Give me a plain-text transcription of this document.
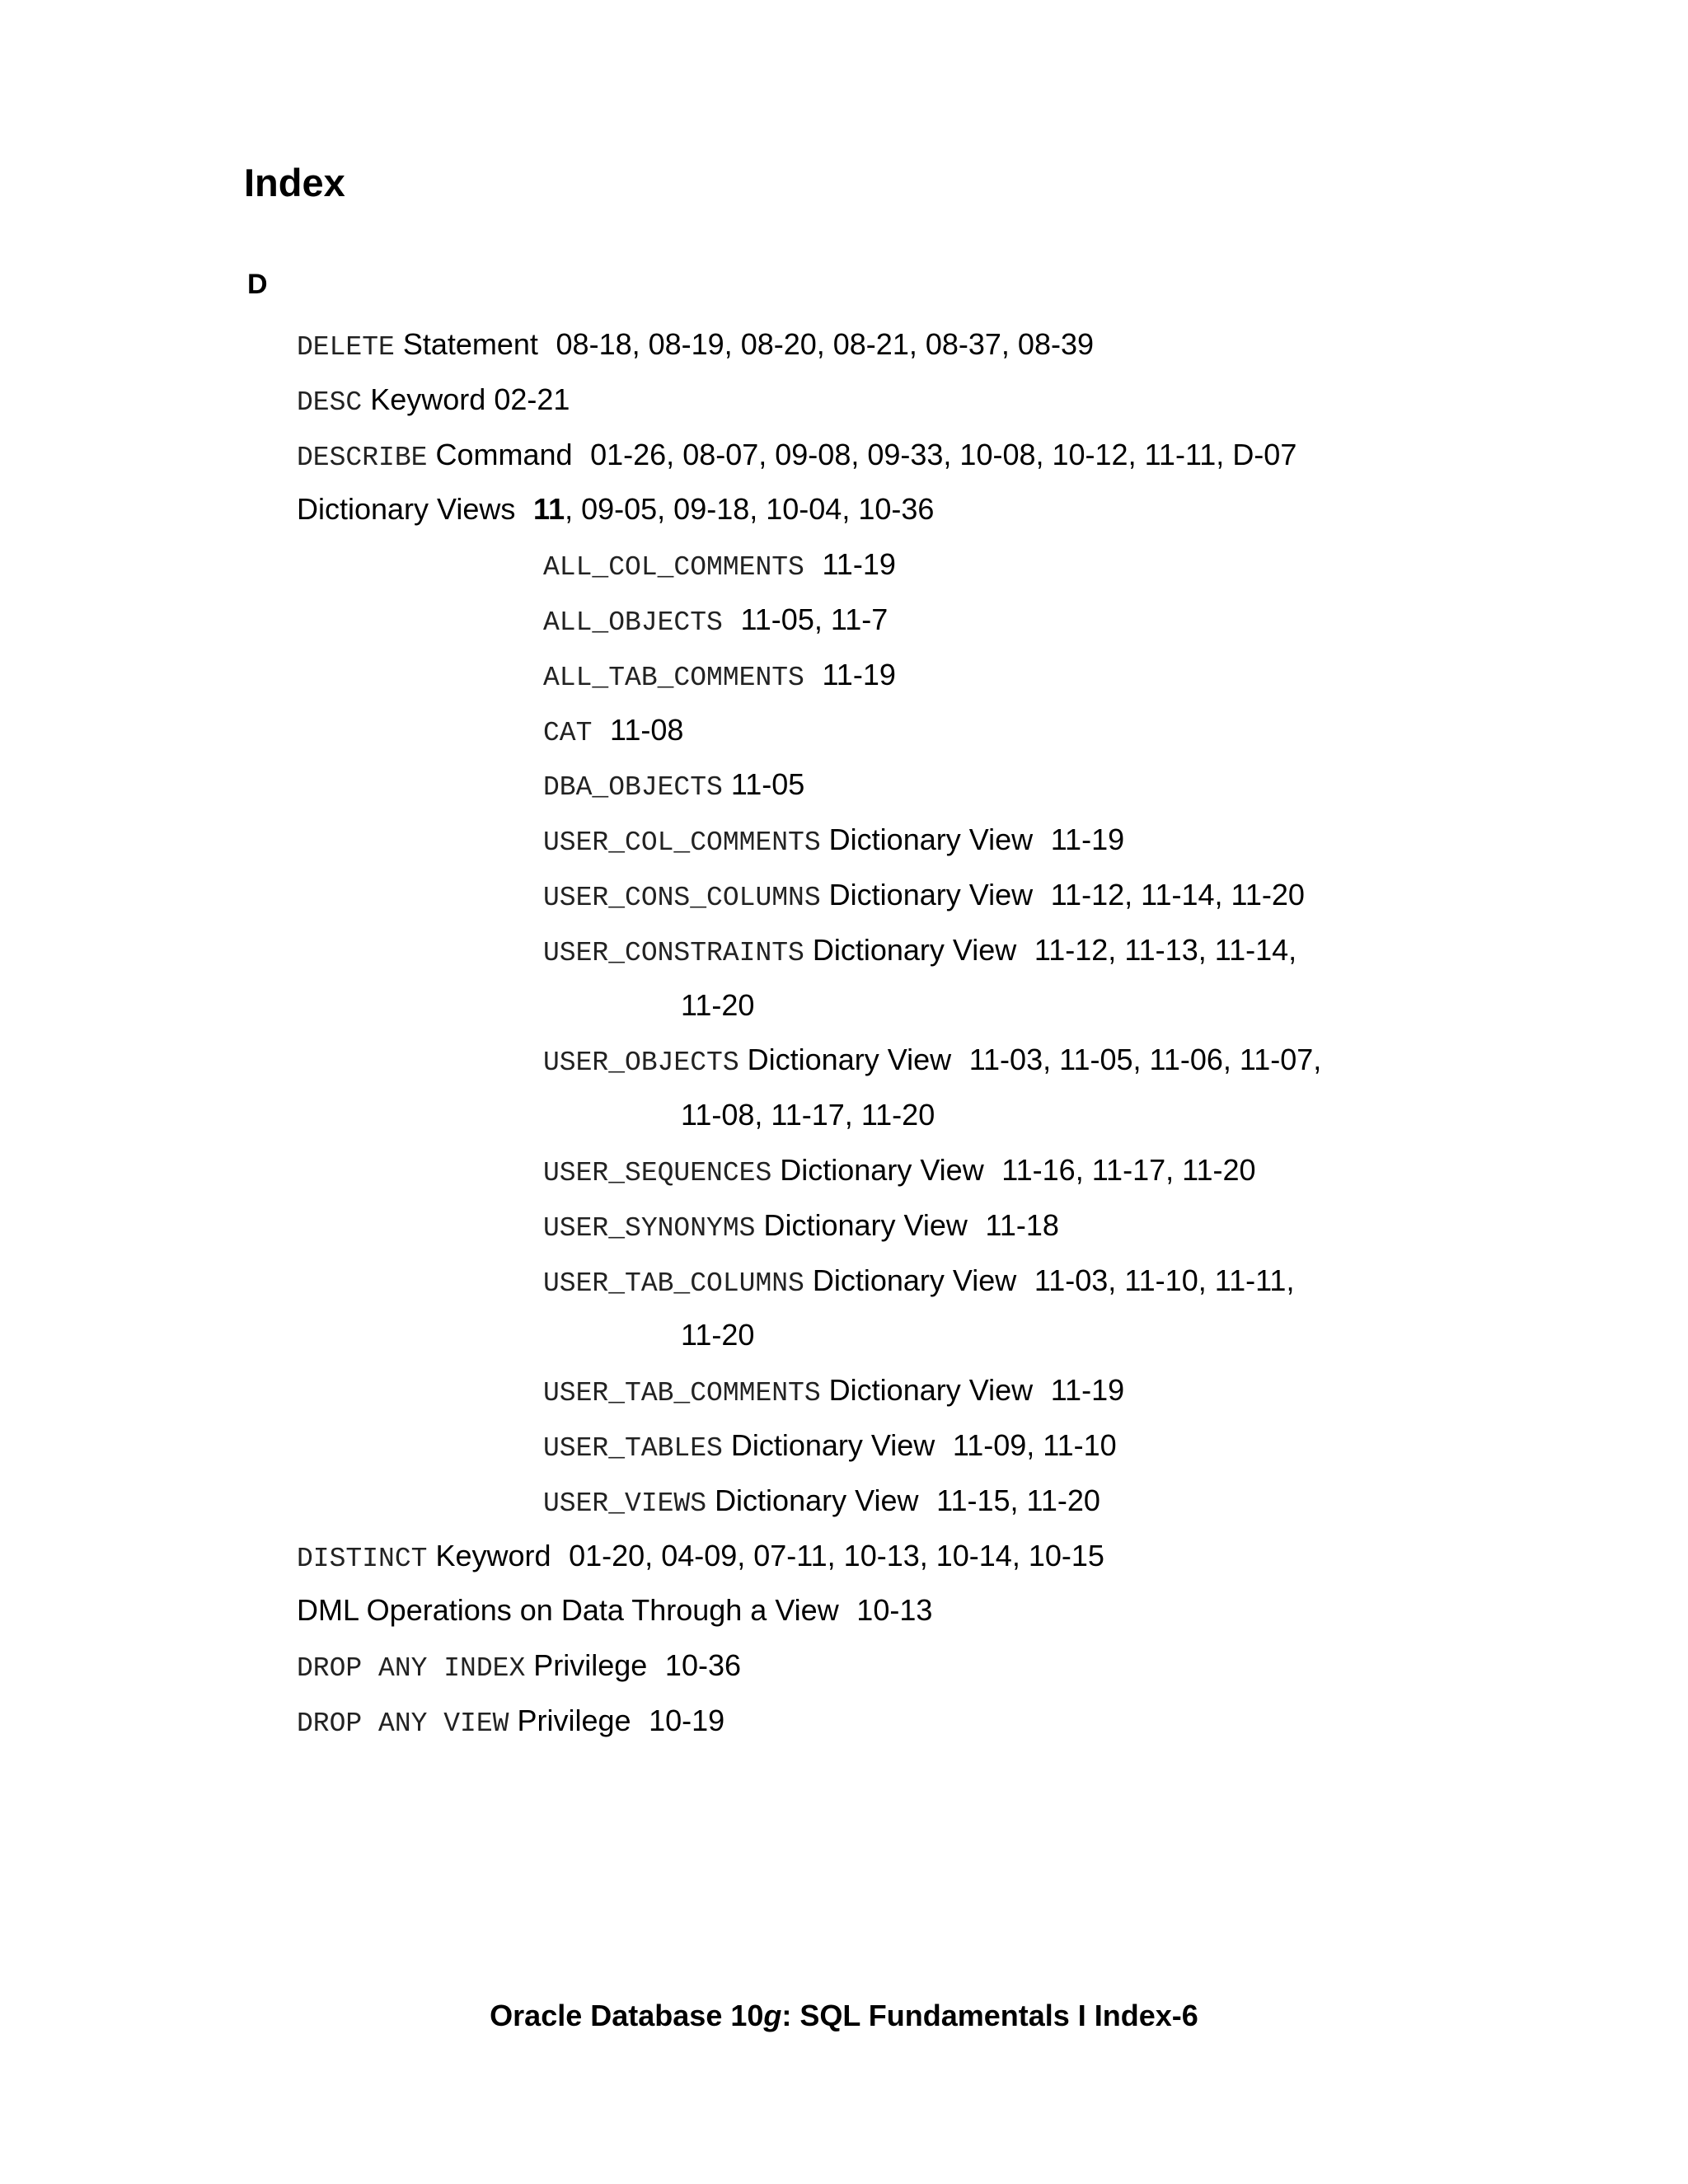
Index
D
DELETE Statement 08-18, 08-19, 08-20, 08-21, 08-37, 08-39
DESC Keyword 02-21
DESCRIBE Command 01-26, 08-07, 09-08, 09-33, 10-08, 10-12, 11-11, D-07
Dictionary Views 11, 09-05, 09-18, 10-04, 10-36
ALL_COL_COMMENTS 11-19
ALL_OBJECTS 11-05, 11-7
ALL_TAB_COMMENTS 11-19
CAT 11-08
DBA_OBJECTS 11-05
USER_COL_COMMENTS Dictionary View 11-19
USER_CONS_COLUMNS Dictionary View 11-12, 11-14, 11-20
USER_CONSTRAINTS Dictionary View 11-12, 11-13, 11-14,
11-20
USER_OBJECTS Dictionary View 11-03, 11-05, 11-06, 11-07,
11-08, 11-17, 11-20
USER_SEQUENCES Dictionary View 11-16, 11-17, 11-20
USER_SYNONYMS Dictionary View 11-18
USER_TAB_COLUMNS Dictionary View 11-03, 11-10, 11-11,
11-20
USER_TAB_COMMENTS Dictionary View 11-19
USER_TABLES Dictionary View 11-09, 11-10
USER_VIEWS Dictionary View 11-15, 11-20
DISTINCT Keyword 01-20, 04-09, 07-11, 10-13, 10-14, 10-15
DML Operations on Data Through a View 10-13
DROP ANY INDEX Privilege 10-36
DROP ANY VIEW Privilege 10-19
Oracle Database 10g: SQL Fundamentals I Index-6
